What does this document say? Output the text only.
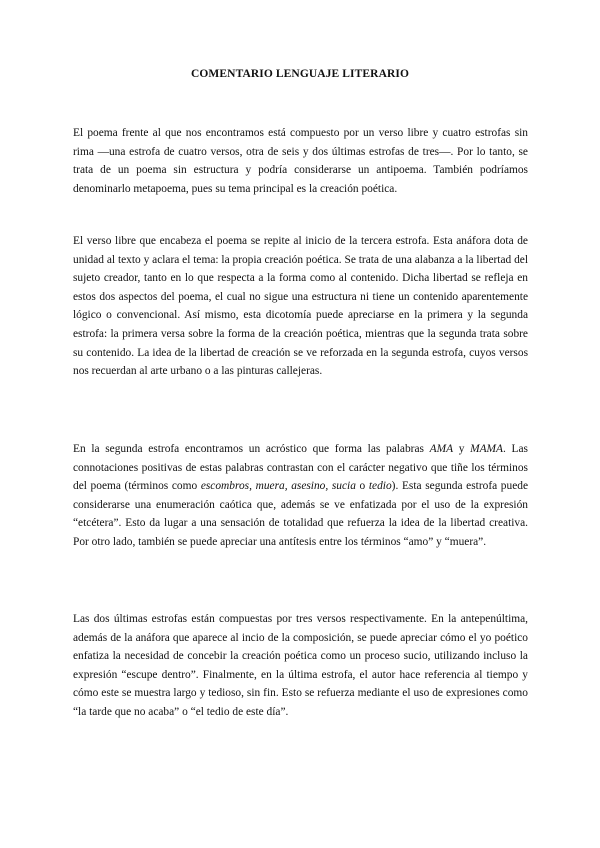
COMENTARIO LENGUAJE LITERARIO

El poema frente al que nos encontramos está compuesto por un verso libre y cuatro estrofas sin rima —una estrofa de cuatro versos, otra de seis y dos últimas estrofas de tres—. Por lo tanto, se trata de un poema sin estructura y podría considerarse un antipoema. También podríamos denominarlo metapoema, pues su tema principal es la creación poética.

El verso libre que encabeza el poema se repite al inicio de la tercera estrofa. Esta anáfora dota de unidad al texto y aclara el tema: la propia creación poética. Se trata de una alabanza a la libertad del sujeto creador, tanto en lo que respecta a la forma como al contenido. Dicha libertad se refleja en estos dos aspectos del poema, el cual no sigue una estructura ni tiene un contenido aparentemente lógico o convencional. Así mismo, esta dicotomía puede apreciarse en la primera y la segunda estrofa: la primera versa sobre la forma de la creación poética, mientras que la segunda trata sobre su contenido. La idea de la libertad de creación se ve reforzada en la segunda estrofa, cuyos versos nos recuerdan al arte urbano o a las pinturas callejeras.

En la segunda estrofa encontramos un acróstico que forma las palabras AMA y MAMA. Las connotaciones positivas de estas palabras contrastan con el carácter negativo que tiñe los términos del poema (términos como escombros, muera, asesino, sucia o tedio). Esta segunda estrofa puede considerarse una enumeración caótica que, además se ve enfatizada por el uso de la expresión “etcétera”. Esto da lugar a una sensación de totalidad que refuerza la idea de la libertad creativa. Por otro lado, también se puede apreciar una antítesis entre los términos “amo” y “muera”.

Las dos últimas estrofas están compuestas por tres versos respectivamente. En la antepenúltima, además de la anáfora que aparece al incio de la composición, se puede apreciar cómo el yo poético enfatiza la necesidad de concebir la creación poética como un proceso sucio, utilizando incluso la expresión “escupe dentro”. Finalmente, en la última estrofa, el autor hace referencia al tiempo y cómo este se muestra largo y tedioso, sin fin. Esto se refuerza mediante el uso de expresiones como “la tarde que no acaba” o “el tedio de este día”.
